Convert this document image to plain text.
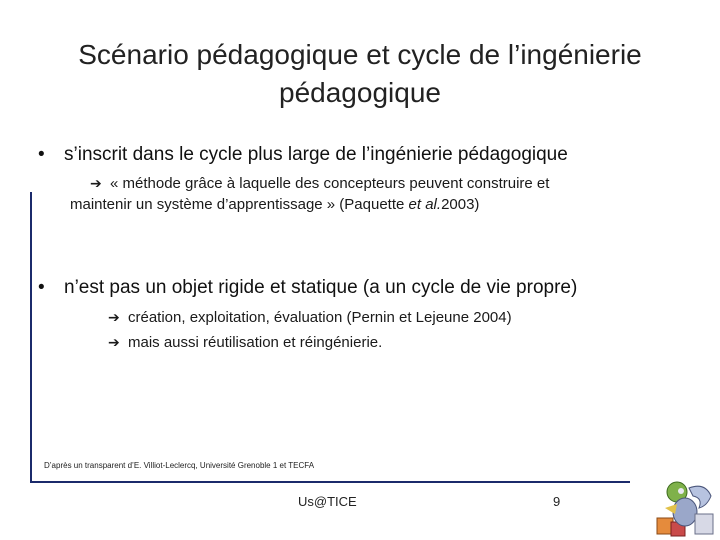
Scénario pédagogique et cycle de l’ingénierie
pédagogique
• s’inscrit dans le cycle plus large de l’ingénierie pédagogique
➔ « méthode grâce à laquelle des concepteurs peuvent construire et
maintenir un système d’apprentissage » (Paquette et al.2003)
• n’est pas un objet rigide et statique (a un cycle de vie propre)
➔ création, exploitation, évaluation (Pernin et Lejeune 2004)
➔ mais aussi réutilisation et réingénierie.
D’après un transparent d’E. Villiot-Leclercq, Université Grenoble 1 et TECFA
Us@TICE	9
